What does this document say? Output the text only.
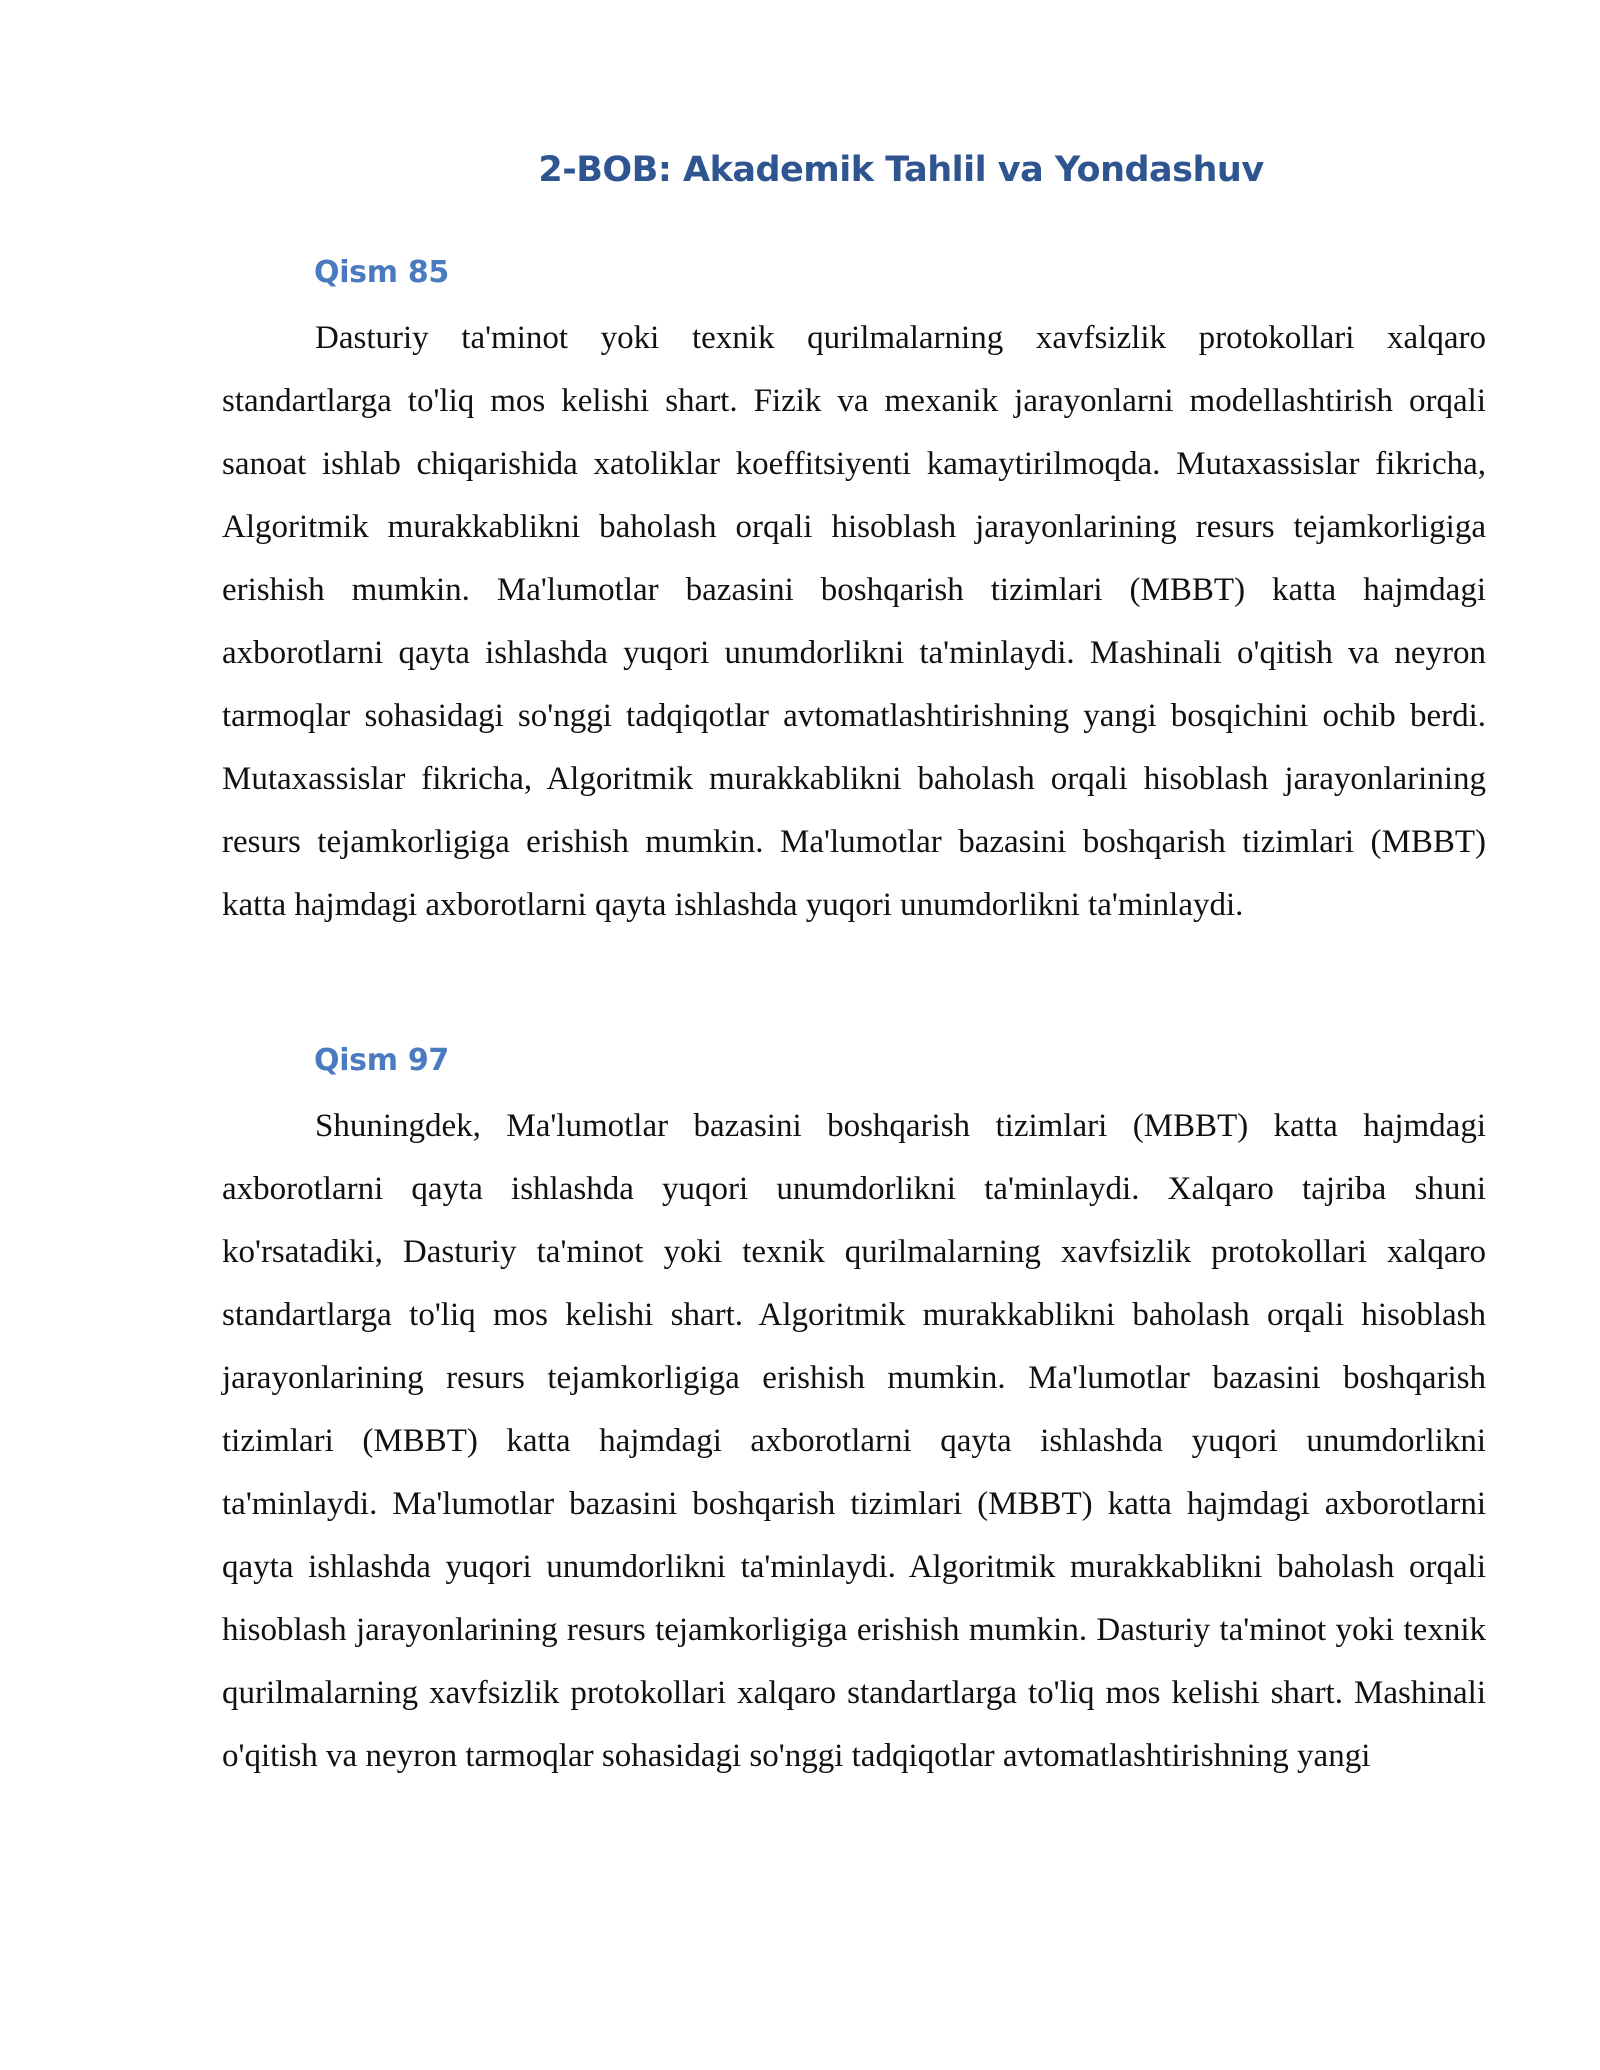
2-BOB: Akademik Tahlil va Yondashuv
Qism 85

Dasturiy ta'minot yoki texnik qurilmalarning xavfsizlik protokollari xalqaro standartlarga to'liq mos kelishi shart. Fizik va mexanik jarayonlarni modellashtirish orqali sanoat ishlab chiqarishida xatoliklar koeffitsiyenti kamaytirilmoqda. Mutaxassislar fikricha, Algoritmik murakkablikni baholash orqali hisoblash jarayonlarining resurs tejamkorligiga erishish mumkin. Ma'lumotlar bazasini boshqarish tizimlari (MBBT) katta hajmdagi axborotlarni qayta ishlashda yuqori unumdorlikni ta'minlaydi. Mashinali o'qitish va neyron tarmoqlar sohasidagi so'nggi tadqiqotlar avtomatlashtirishning yangi bosqichini ochib berdi. Mutaxassislar fikricha, Algoritmik murakkablikni baholash orqali hisoblash jarayonlarining resurs tejamkorligiga erishish mumkin. Ma'lumotlar bazasini boshqarish tizimlari (MBBT) katta hajmdagi axborotlarni qayta ishlashda yuqori unumdorlikni ta'minlaydi.

Qism 97

Shuningdek, Ma'lumotlar bazasini boshqarish tizimlari (MBBT) katta hajmdagi axborotlarni qayta ishlashda yuqori unumdorlikni ta'minlaydi. Xalqaro tajriba shuni ko'rsatadiki, Dasturiy ta'minot yoki texnik qurilmalarning xavfsizlik protokollari xalqaro standartlarga to'liq mos kelishi shart. Algoritmik murakkablikni baholash orqali hisoblash jarayonlarining resurs tejamkorligiga erishish mumkin. Ma'lumotlar bazasini boshqarish tizimlari (MBBT) katta hajmdagi axborotlarni qayta ishlashda yuqori unumdorlikni ta'minlaydi. Ma'lumotlar bazasini boshqarish tizimlari (MBBT) katta hajmdagi axborotlarni qayta ishlashda yuqori unumdorlikni ta'minlaydi. Algoritmik murakkablikni baholash orqali hisoblash jarayonlarining resurs tejamkorligiga erishish mumkin. Dasturiy ta'minot yoki texnik qurilmalarning xavfsizlik protokollari xalqaro standartlarga to'liq mos kelishi shart. Mashinali o'qitish va neyron tarmoqlar sohasidagi so'nggi tadqiqotlar avtomatlashtirishning yangi
